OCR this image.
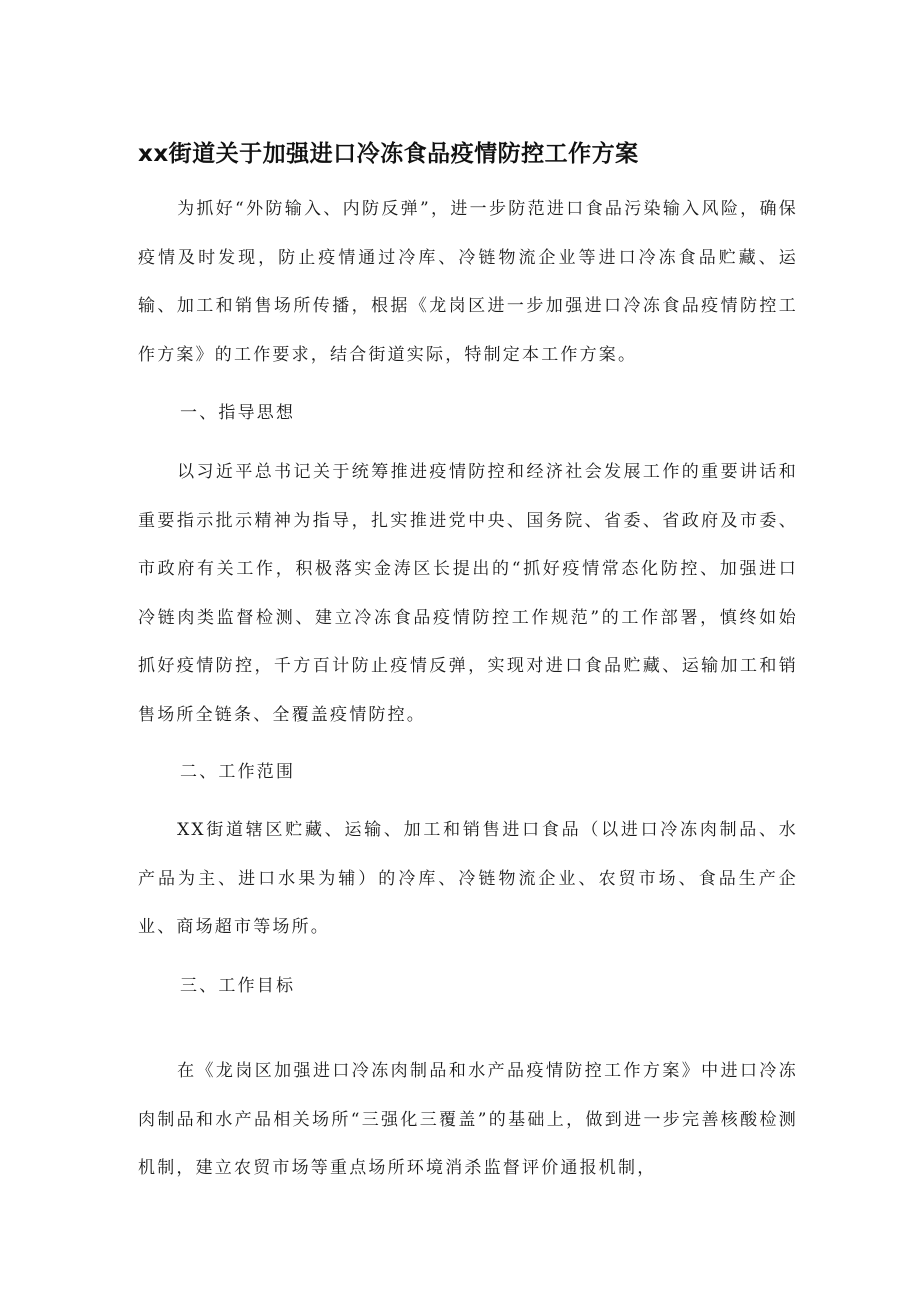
xx街道关于加强进口冷冻食品疫情防控工作方案

为抓好“外防输入、内防反弹”，进一步防范进口食品污染输入风险，确保疫情及时发现，防止疫情通过冷库、冷链物流企业等进口冷冻食品贮藏、运输、加工和销售场所传播，根据《龙岗区进一步加强进口冷冻食品疫情防控工作方案》的工作要求，结合街道实际，特制定本工作方案。

一、指导思想

以习近平总书记关于统筹推进疫情防控和经济社会发展工作的重要讲话和重要指示批示精神为指导，扎实推进党中央、国务院、省委、省政府及市委、市政府有关工作，积极落实金涛区长提出的“抓好疫情常态化防控、加强进口冷链肉类监督检测、建立冷冻食品疫情防控工作规范”的工作部署，慎终如始抓好疫情防控，千方百计防止疫情反弹，实现对进口食品贮藏、运输加工和销售场所全链条、全覆盖疫情防控。

二、工作范围

XX街道辖区贮藏、运输、加工和销售进口食品（以进口冷冻肉制品、水产品为主、进口水果为辅）的冷库、冷链物流企业、农贸市场、食品生产企业、商场超市等场所。

三、工作目标

在《龙岗区加强进口冷冻肉制品和水产品疫情防控工作方案》中进口冷冻肉制品和水产品相关场所“三强化三覆盖”的基础上，做到进一步完善核酸检测机制，建立农贸市场等重点场所环境消杀监督评价通报机制，
